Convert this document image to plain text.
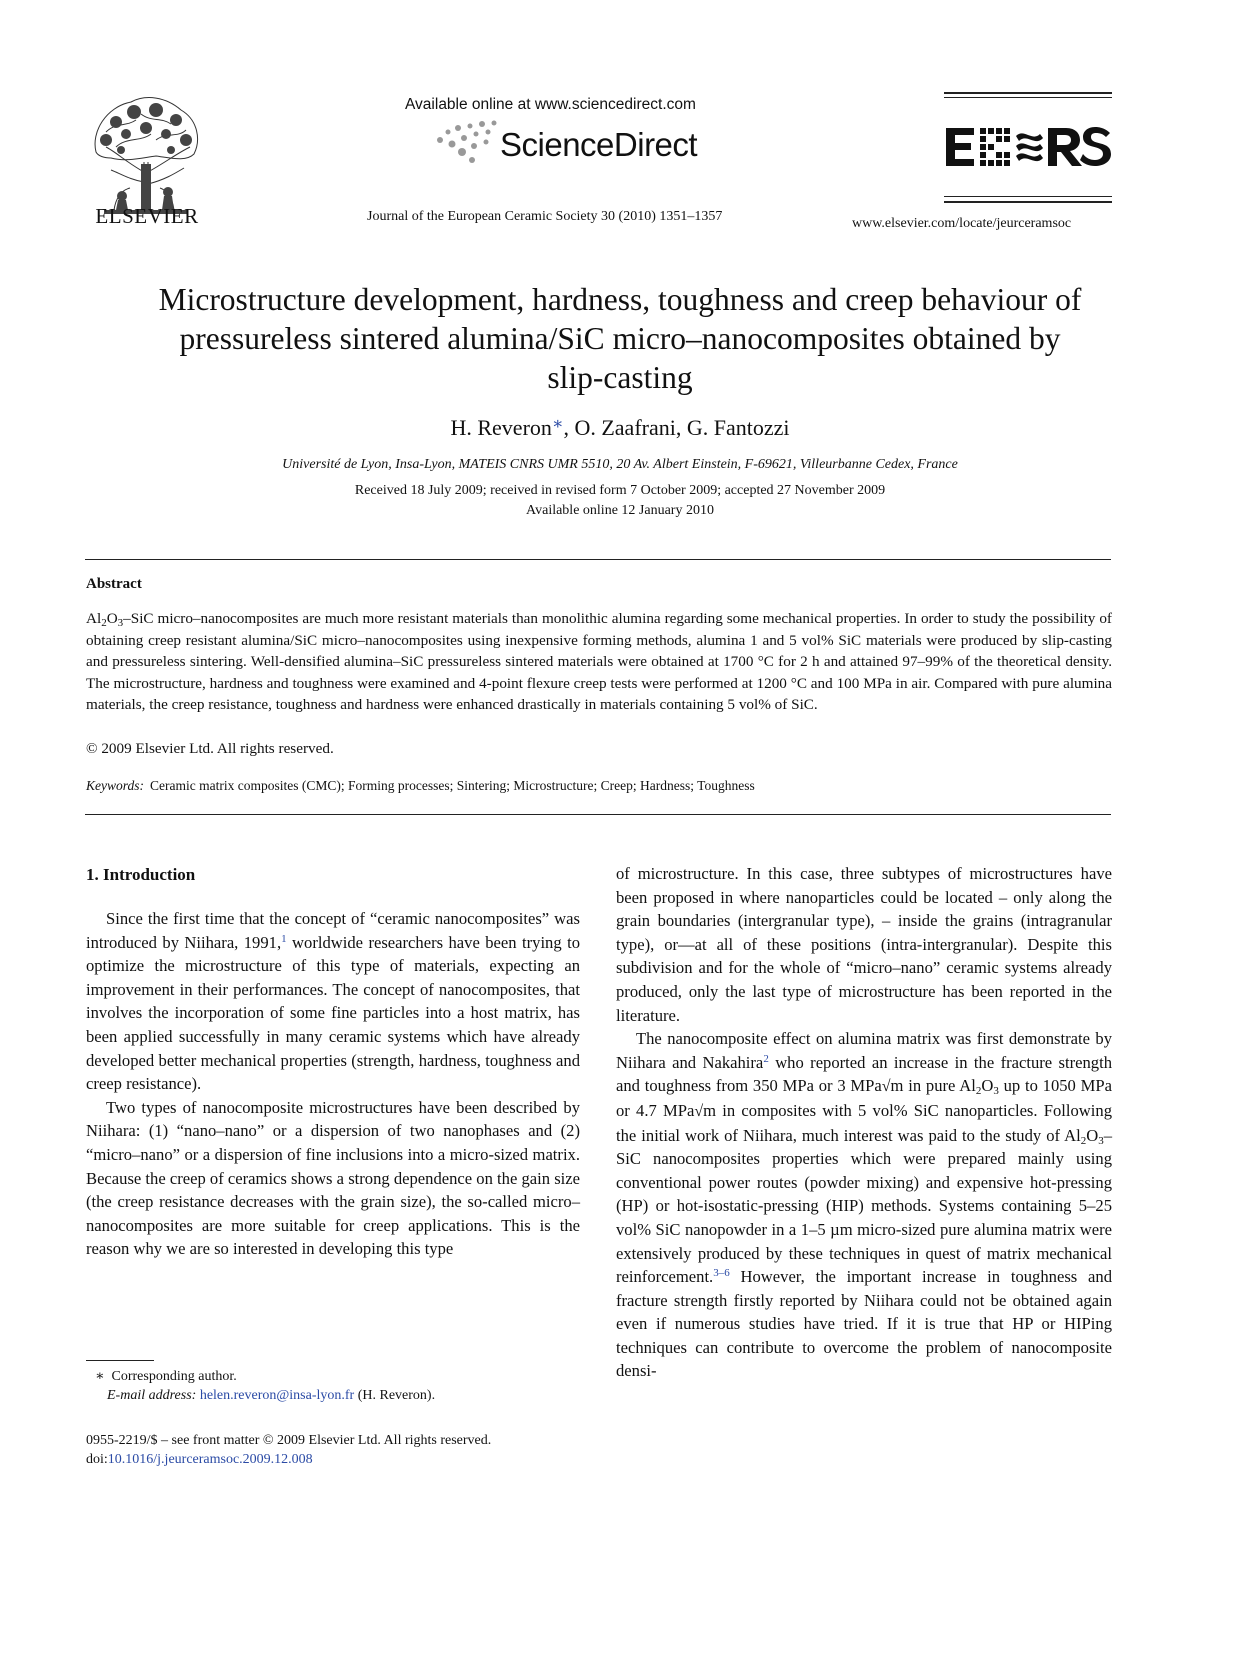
ELSEVIER
Available online at www.sciencedirect.com
ScienceDirect
Journal of the European Ceramic Society 30 (2010) 1351–1357	www.elsevier.com/locate/jeurceramsoc
Microstructure development, hardness, toughness and creep behaviour of
pressureless sintered alumina/SiC micro–nanocomposites obtained by
slip-casting
H. Reveron∗, O. Zaafrani, G. Fantozzi
Université de Lyon, Insa-Lyon, MATEIS CNRS UMR 5510, 20 Av. Albert Einstein, F-69621, Villeurbanne Cedex, France
Received 18 July 2009; received in revised form 7 October 2009; accepted 27 November 2009
Available online 12 January 2010
Abstract
$Al_2O_3$–SiC micro–nanocomposites are much more resistant materials than monolithic alumina regarding some mechanical properties. In order to study the possibility of obtaining creep resistant alumina/SiC micro–nanocomposites using inexpensive forming methods, alumina 1 and 5 vol% SiC materials were produced by slip-casting and pressureless sintering. Well-densified alumina–SiC pressureless sintered materials were obtained at 1700 °C for 2 h and attained 97–99% of the theoretical density. The microstructure, hardness and toughness were examined and 4-point flexure creep tests were performed at 1200 °C and 100 MPa in air. Compared with pure alumina materials, the creep resistance, toughness and hardness were enhanced drastically in materials containing 5 vol% of SiC.
© 2009 Elsevier Ltd. All rights reserved.
Keywords: Ceramic matrix composites (CMC); Forming processes; Sintering; Microstructure; Creep; Hardness; Toughness
1. Introduction

Since the first time that the concept of “ceramic nanocomposites” was introduced by Niihara, 1991,$^1$ worldwide researchers have been trying to optimize the microstructure of this type of materials, expecting an improvement in their performances. The concept of nanocomposites, that involves the incorporation of some fine particles into a host matrix, has been applied successfully in many ceramic systems which have already developed better mechanical properties (strength, hardness, toughness and creep resistance).

Two types of nanocomposite microstructures have been described by Niihara: (1) “nano–nano” or a dispersion of two nanophases and (2) “micro–nano” or a dispersion of fine inclusions into a micro-sized matrix. Because the creep of ceramics shows a strong dependence on the gain size (the creep resistance decreases with the grain size), the so-called micro–nanocomposites are more suitable for creep applications. This is the reason why we are so interested in developing this type

of microstructure. In this case, three subtypes of microstructures have been proposed in where nanoparticles could be located – only along the grain boundaries (intergranular type), – inside the grains (intragranular type), or—at all of these positions (intra-intergranular). Despite this subdivision and for the whole of “micro–nano” ceramic systems already produced, only the last type of microstructure has been reported in the literature.

The nanocomposite effect on alumina matrix was first demonstrate by Niihara and Nakahira$^2$ who reported an increase in the fracture strength and toughness from 350 MPa or 3 MPa√m in pure $Al_2O_3$ up to 1050 MPa or 4.7 MPa√m in composites with 5 vol% SiC nanoparticles. Following the initial work of Niihara, much interest was paid to the study of $Al_2O_3$–SiC nanocomposites properties which were prepared mainly using conventional power routes (powder mixing) and expensive hot-pressing (HP) or hot-isostatic-pressing (HIP) methods. Systems containing 5–25 vol% SiC nanopowder in a 1–5 µm micro-sized pure alumina matrix were extensively produced by these techniques in quest of matrix mechanical reinforcement.$^{3-6}$ However, the important increase in toughness and fracture strength firstly reported by Niihara could not be obtained again even if numerous studies have tried. If it is true that HP or HIPing techniques can contribute to overcome the problem of nanocomposite densi-

∗ Corresponding author.
E-mail address: helen.reveron@insa-lyon.fr (H. Reveron).
0955-2219/$ – see front matter © 2009 Elsevier Ltd. All rights reserved.
doi:10.1016/j.jeurceramsoc.2009.12.008
